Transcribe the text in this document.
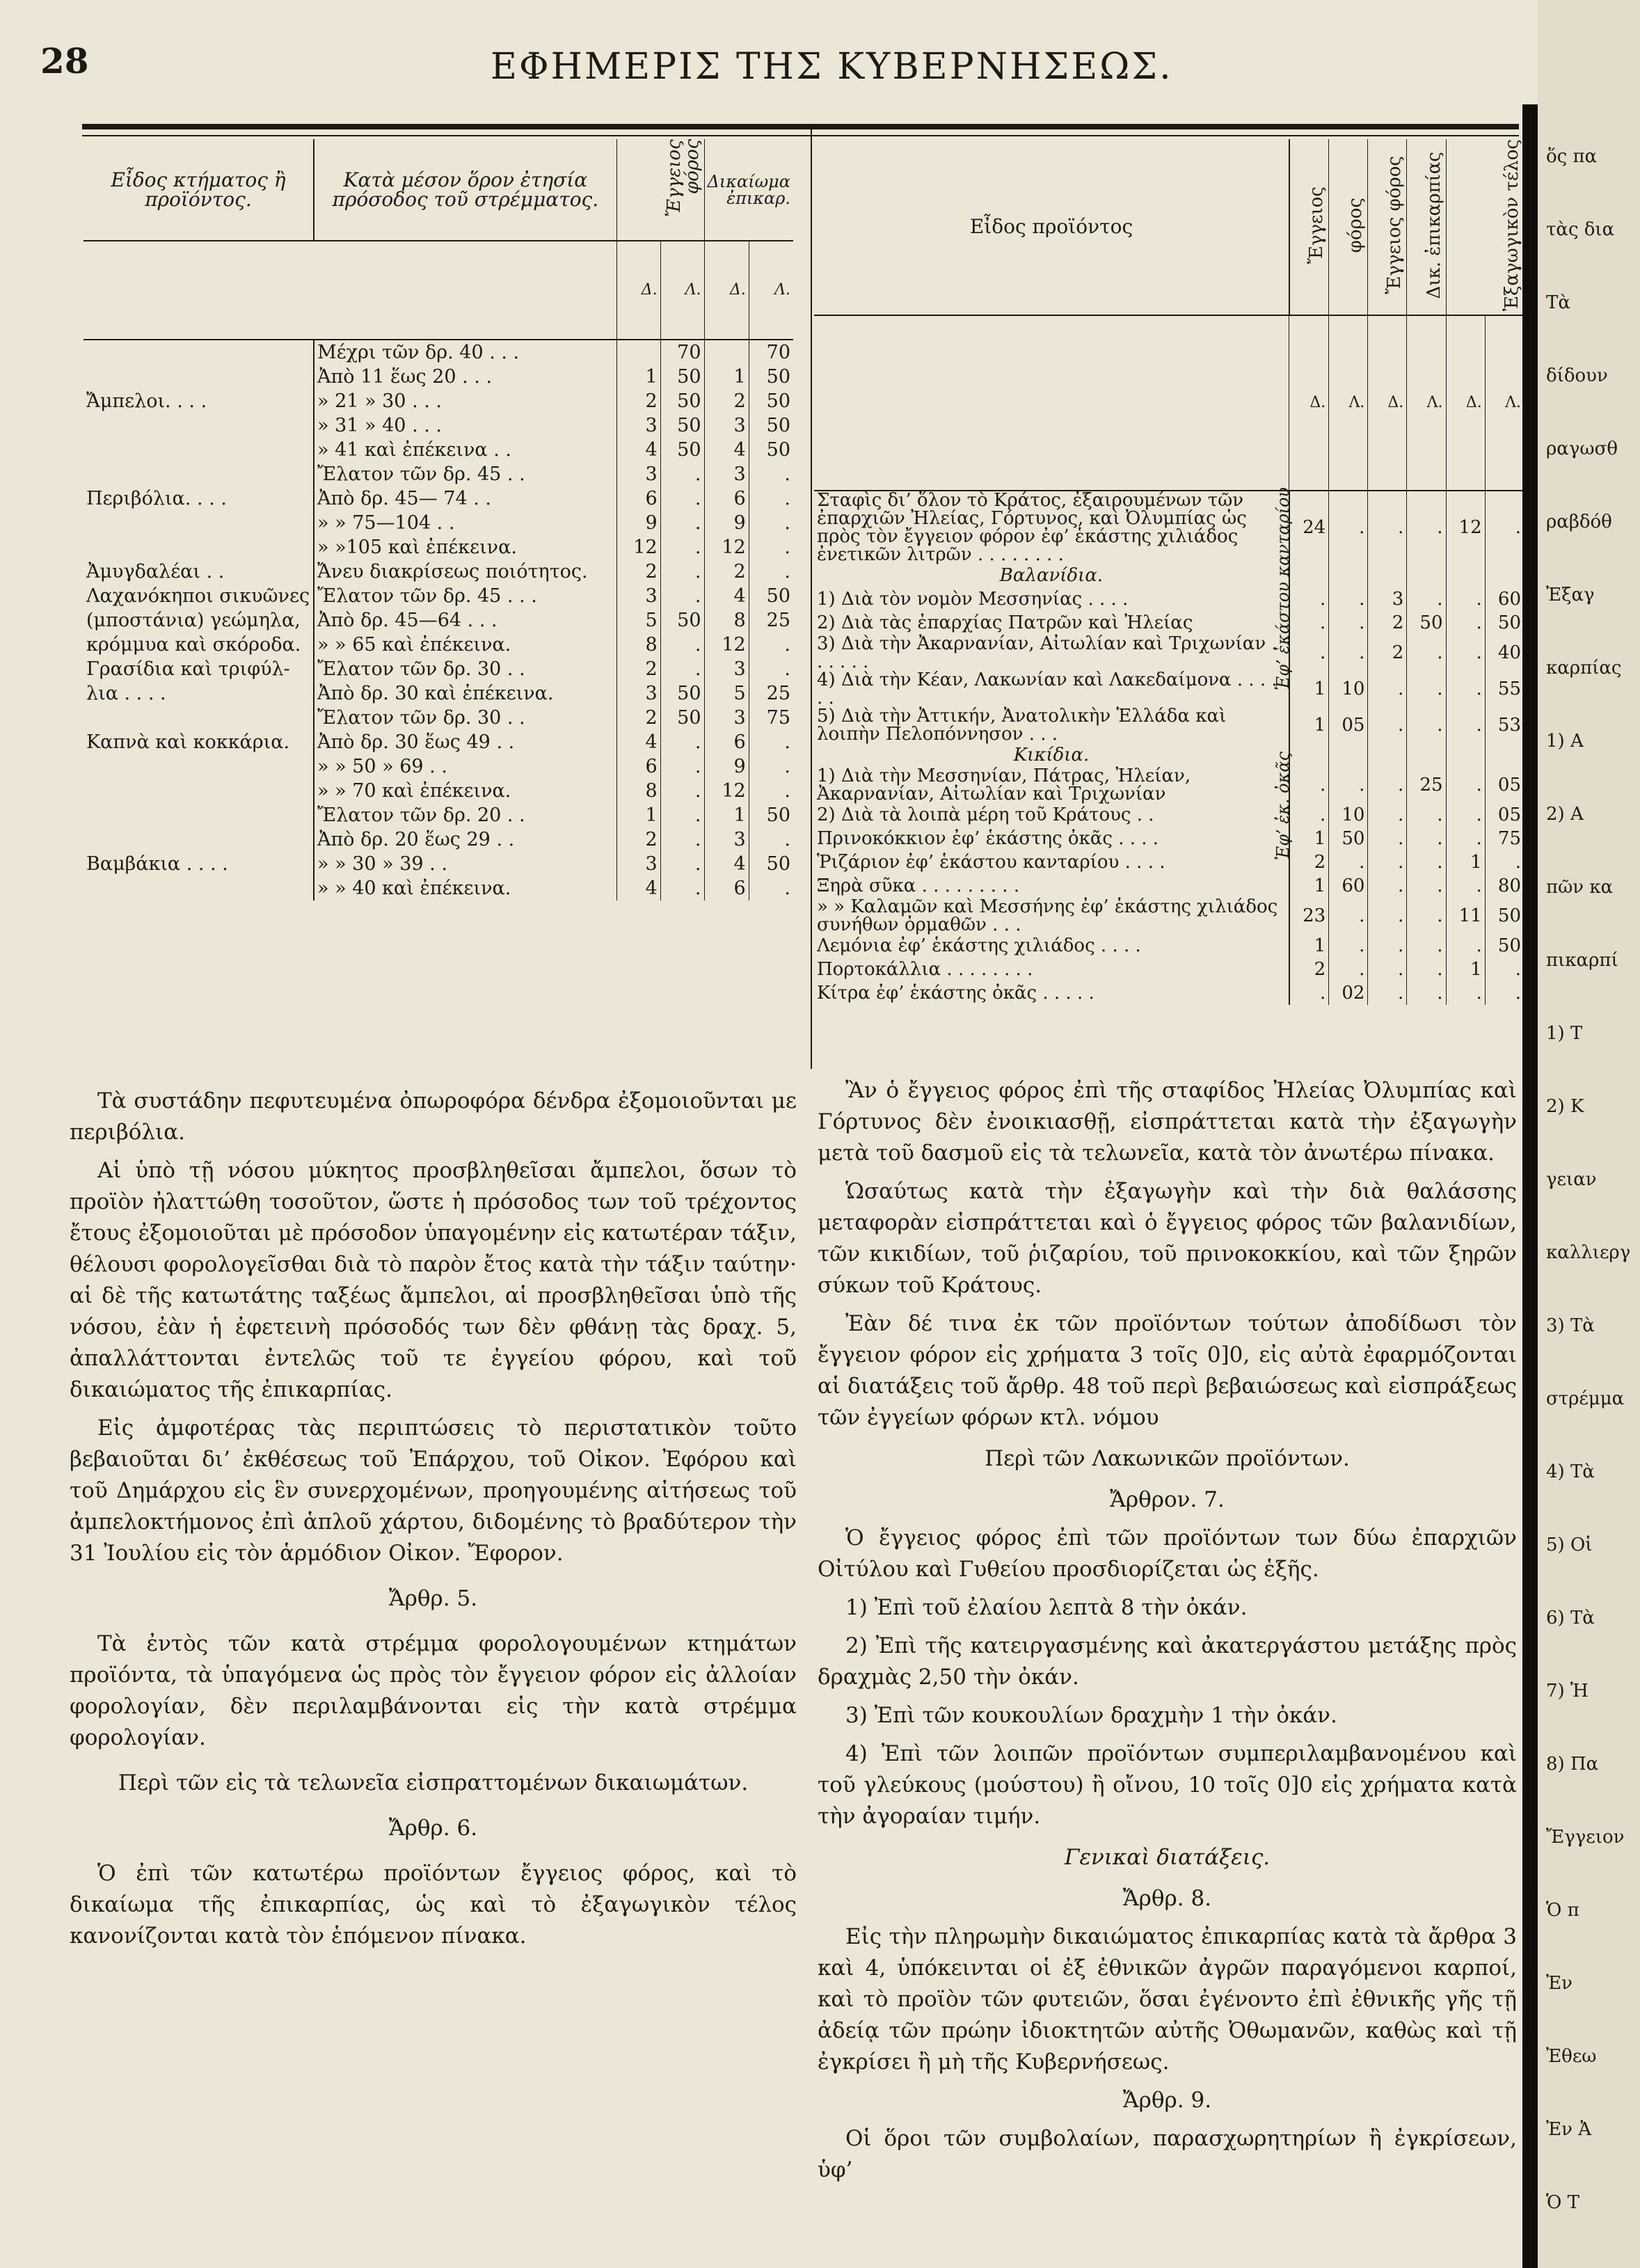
28	ΕΦΗΜΕΡΙΣ ΤΗΣ ΚΥΒΕΡΝΗΣΕΩΣ.
Εἶδος κτήματος ἢ προϊόντος.	Κατὰ μέσον ὅρον ἐτησία πρόσοδος τοῦ στρέμματος.	Ἔγγειος φόρος		Δικαίωμα ἐπικαρ.	
		Δ.	Λ.	Δ.	Λ.
	Μέχρι τῶν δρ. 40 . . .		70		70
	Ἀπὸ 11 ἕως 20 . . .	1	50	1	50
Ἄμπελοι. . . .	» 21 » 30 . . .	2	50	2	50
	» 31 » 40 . . .	3	50	3	50
	» 41 καὶ ἐπέκεινα . .	4	50	4	50
	Ἔλατον τῶν δρ. 45 . .	3	.	3	.
Περιβόλια. . . .	Ἀπὸ δρ. 45— 74 . .	6	.	6	.
	» » 75—104 . .	9	.	9	.
	» »105 καὶ ἐπέκεινα.	12	.	12	.
Ἀμυγδαλέαι . .	Ἄνευ διακρίσεως ποιότητος.	2	.	2	.
Λαχανόκηποι σικυῶνες	Ἔλατον τῶν δρ. 45 . . .	3	.	4	50
(μποστάνια) γεώμηλα,	Ἀπὸ δρ. 45—64 . . .	5	50	8	25
κρόμμυα καὶ σκόροδα.	» » 65 καὶ ἐπέκεινα.	8	.	12	.
Γρασίδια καὶ τριφύλ-	Ἔλατον τῶν δρ. 30 . .	2	.	3	.
λια . . . .	Ἀπὸ δρ. 30 καὶ ἐπέκεινα.	3	50	5	25
	Ἔλατον τῶν δρ. 30 . .	2	50	3	75
Καπνὰ καὶ κοκκάρια.	Ἀπὸ δρ. 30 ἕως 49 . .	4	.	6	.
	» » 50 » 69 . .	6	.	9	.
	» » 70 καὶ ἐπέκεινα.	8	.	12	.
	Ἔλατον τῶν δρ. 20 . .	1	.	1	50
	Ἀπὸ δρ. 20 ἕως 29 . .	2	.	3	.
Βαμβάκια . . . .	» » 30 » 39 . .	3	.	4	50
	» » 40 καὶ ἐπέκεινα.	4	.	6	.
Εἶδος προϊόντος	Ἔγγειος	φόρος	Ἔγγειος φόρος	Δικ. ἐπικαρπίας	Ἐξαγωγικὸν τέλος	
	Δ.	Λ.	Δ.	Λ.	Δ.	Λ.
Σταφὶς δι’ ὅλον τὸ Κράτος, ἐξαιρουμένων τῶν ἐπαρχιῶν Ἠλείας, Γόρτυνος, καὶ Ὀλυμπίας ὡς πρὸς τὸν ἔγγειον φόρον ἐφ’ ἑκάστης χιλιάδος ἐνετικῶν λιτρῶν . . . . . . . .	24	.	.	.	12	.
Βαλανίδια.						
1) Διὰ τὸν νομὸν Μεσσηνίας . . . .	.	.	3	.	.	60
2) Διὰ τὰς ἐπαρχίας Πατρῶν καὶ Ἠλείας	.	.	2	50	.	50
3) Διὰ τὴν Ἀκαρνανίαν, Αἰτωλίαν καὶ Τριχωνίαν . . . . . .	.	.	2	.	.	40
4) Διὰ τὴν Κέαν, Λακωνίαν καὶ Λακεδαίμονα . . . . . .	1	10	.	.	.	55
5) Διὰ τὴν Ἀττικήν, Ἀνατολικὴν Ἑλλάδα καὶ λοιπὴν Πελοπόννησον . . .	1	05	.	.	.	53
Κικίδια.						
1) Διὰ τὴν Μεσσηνίαν, Πάτρας, Ἠλείαν, Ἀκαρνανίαν, Αἰτωλίαν καὶ Τριχωνίαν	.	.	.	25	.	05
2) Διὰ τὰ λοιπὰ μέρη τοῦ Κράτους . .	.	10	.	.	.	05
Πρινοκόκκιον ἐφ’ ἑκάστης ὀκᾶς . . . .	1	50	.	.	.	75
Ῥιζάριον ἐφ’ ἑκάστου κανταρίου . . . .	2	.	.	.	1	.
Ξηρὰ σῦκα . . . . . . . . .	1	60	.	.	.	80
» » Καλαμῶν καὶ Μεσσήνης ἐφ’ ἑκάστης χιλιάδος συνήθων ὁρμαθῶν . . .	23	.	.	.	11	50
Λεμόνια ἐφ’ ἑκάστης χιλιάδος . . . .	1	.	.	.	.	50
Πορτοκάλλια . . . . . . . .	2	.	.	.	1	.
Κίτρα ἐφ’ ἑκάστης ὀκᾶς . . . . .	.	02	.	.	.	.
Ἐφ’ ἑκάστου κανταρίου
Ἐφ’ ἑκ. ὀκᾶς

Τὰ συστάδην πεφυτευμένα ὀπωροφόρα δένδρα ἐξομοιοῦνται με περιβόλια.

Αἱ ὑπὸ τῇ νόσου μύκητος προσβληθεῖσαι ἄμπελοι, ὅσων τὸ προϊὸν ἠλαττώθη τοσοῦτον, ὥστε ἡ πρόσοδος των τοῦ τρέχοντος ἔτους ἐξομοιοῦται μὲ πρόσοδον ὑπαγομένην εἰς κατωτέραν τάξιν, θέλουσι φορολογεῖσθαι διὰ τὸ παρὸν ἔτος κατὰ τὴν τάξιν ταύτην· αἱ δὲ τῆς κατωτάτης ταξέως ἄμπελοι, αἱ προσβληθεῖσαι ὑπὸ τῆς νόσου, ἐὰν ἡ ἐφετεινὴ πρόσοδός των δὲν φθάνῃ τὰς δραχ. 5, ἀπαλλάττονται ἐντελῶς τοῦ τε ἐγγείου φόρου, καὶ τοῦ δικαιώματος τῆς ἐπικαρπίας.

Εἰς ἀμφοτέρας τὰς περιπτώσεις τὸ περιστατικὸν τοῦτο βεβαιοῦται δι’ ἐκθέσεως τοῦ Ἐπάρχου, τοῦ Οἰκον. Ἐφόρου καὶ τοῦ Δημάρχου εἰς ἓν συνερχομένων, προηγουμένης αἰτήσεως τοῦ ἀμπελοκτήμονος ἐπὶ ἁπλοῦ χάρτου, διδομένης τὸ βραδύτερον τὴν 31 Ἰουλίου εἰς τὸν ἁρμόδιον Οἰκον. Ἔφορον.

Ἄρθρ. 5.

Τὰ ἐντὸς τῶν κατὰ στρέμμα φορολογουμένων κτημάτων προϊόντα, τὰ ὑπαγόμενα ὡς πρὸς τὸν ἔγγειον φόρον εἰς ἀλλοίαν φορολογίαν, δὲν περιλαμβάνονται εἰς τὴν κατὰ στρέμμα φορολογίαν.

Περὶ τῶν εἰς τὰ τελωνεῖα εἰσπραττομένων δικαιωμάτων.

Ἄρθρ. 6.

Ὁ ἐπὶ τῶν κατωτέρω προϊόντων ἔγγειος φόρος, καὶ τὸ δικαίωμα τῆς ἐπικαρπίας, ὡς καὶ τὸ ἐξαγωγικὸν τέλος κανονίζονται κατὰ τὸν ἑπόμενον πίνακα.

Ἂν ὁ ἔγγειος φόρος ἐπὶ τῆς σταφίδος Ἠλείας Ὀλυμπίας καὶ Γόρτυνος δὲν ἐνοικιασθῇ, εἰσπράττεται κατὰ τὴν ἐξαγωγὴν μετὰ τοῦ δασμοῦ εἰς τὰ τελωνεῖα, κατὰ τὸν ἀνωτέρω πίνακα.

Ὡσαύτως κατὰ τὴν ἐξαγωγὴν καὶ τὴν διὰ θαλάσσης μεταφορὰν εἰσπράττεται καὶ ὁ ἔγγειος φόρος τῶν βαλανιδίων, τῶν κικιδίων, τοῦ ῥιζαρίου, τοῦ πρινοκοκκίου, καὶ τῶν ξηρῶν σύκων τοῦ Κράτους.

Ἐὰν δέ τινα ἐκ τῶν προϊόντων τούτων ἀποδίδωσι τὸν ἔγγειον φόρον εἰς χρήματα 3 τοῖς 0]0, εἰς αὐτὰ ἐφαρμόζονται αἱ διατάξεις τοῦ ἄρθρ. 48 τοῦ περὶ βεβαιώσεως καὶ εἰσπράξεως τῶν ἐγγείων φόρων κτλ. νόμου

Περὶ τῶν Λακωνικῶν προϊόντων.

Ἄρθρον. 7.

Ὁ ἔγγειος φόρος ἐπὶ τῶν προϊόντων των δύω ἐπαρχιῶν Οἰτύλου καὶ Γυθείου προσδιορίζεται ὡς ἑξῆς.

1) Ἐπὶ τοῦ ἐλαίου λεπτὰ 8 τὴν ὀκάν.

2) Ἐπὶ τῆς κατειργασμένης καὶ ἀκατεργάστου μετάξης πρὸς δραχμὰς 2,50 τὴν ὀκάν.

3) Ἐπὶ τῶν κουκουλίων δραχμὴν 1 τὴν ὀκάν.

4) Ἐπὶ τῶν λοιπῶν προϊόντων συμπεριλαμβανομένου καὶ τοῦ γλεύκους (μούστου) ἢ οἴνου, 10 τοῖς 0]0 εἰς χρήματα κατὰ τὴν ἀγοραίαν τιμήν.

Γενικαὶ διατάξεις.

Ἄρθρ. 8.

Εἰς τὴν πληρωμὴν δικαιώματος ἐπικαρπίας κατὰ τὰ ἄρθρα 3 καὶ 4, ὑπόκεινται οἱ ἐξ ἐθνικῶν ἀγρῶν παραγόμενοι καρποί, καὶ τὸ προϊὸν τῶν φυτειῶν, ὅσαι ἐγένοντο ἐπὶ ἐθνικῆς γῆς τῇ ἀδείᾳ τῶν πρώην ἰδιοκτητῶν αὐτῆς Ὀθωμανῶν, καθὼς καὶ τῇ ἐγκρίσει ἢ μὴ τῆς Κυβερνήσεως.

Ἄρθρ. 9.

Οἱ ὅροι τῶν συμβολαίων, παρασχωρητηρίων ἢ ἐγκρίσεων, ὑφ’

ὅς πα
τὰς δια
Τὰ
δίδουν
ραγωσθ
ραβδόθ
Ἐξαγ
καρπίας
1) Α
2) Α
πῶν κα
πικαρπί
1) Τ
2) Κ
γειαν
καλλιεργ
3) Τὰ
στρέμμα
4) Τὰ
5) Οἱ
6) Τὰ
7) Ἡ
8) Πα
Ἔγγειον
Ὁ π
Ἐν
Ἐθεω
Ἐν Ἀ
Ὁ Τ
